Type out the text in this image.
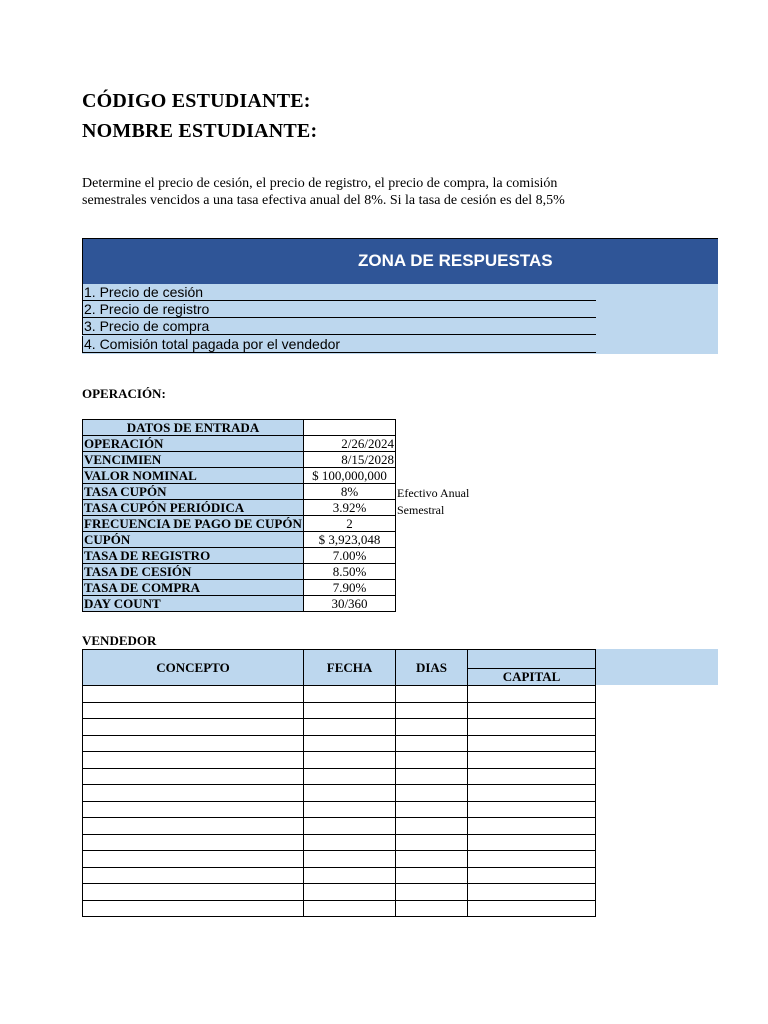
CÓDIGO ESTUDIANTE:
NOMBRE ESTUDIANTE:
Determine el precio de cesión, el precio de registro, el precio de compra, la comisión
semestrales vencidos a una tasa efectiva anual del 8%. Si la tasa de cesión es del 8,5%
ZONA DE RESPUESTAS
1. Precio de cesión
2. Precio de registro
3. Precio de compra
4. Comisión total pagada por el vendedor
OPERACIÓN:
DATOS DE ENTRADA	
OPERACIÓN	2/26/2024
VENCIMIEN	8/15/2028
VALOR NOMINAL	$ 100,000,000
TASA CUPÓN	8%
TASA CUPÓN PERIÓDICA	3.92%
FRECUENCIA DE PAGO DE CUPÓN	2
CUPÓN	$ 3,923,048
TASA DE REGISTRO	7.00%
TASA DE CESIÓN	8.50%
TASA DE COMPRA	7.90%
DAY COUNT	30/360
Efectivo Anual
Semestral
VENDEDOR
CONCEPTO	FECHA	DIAS	
			CAPITAL
